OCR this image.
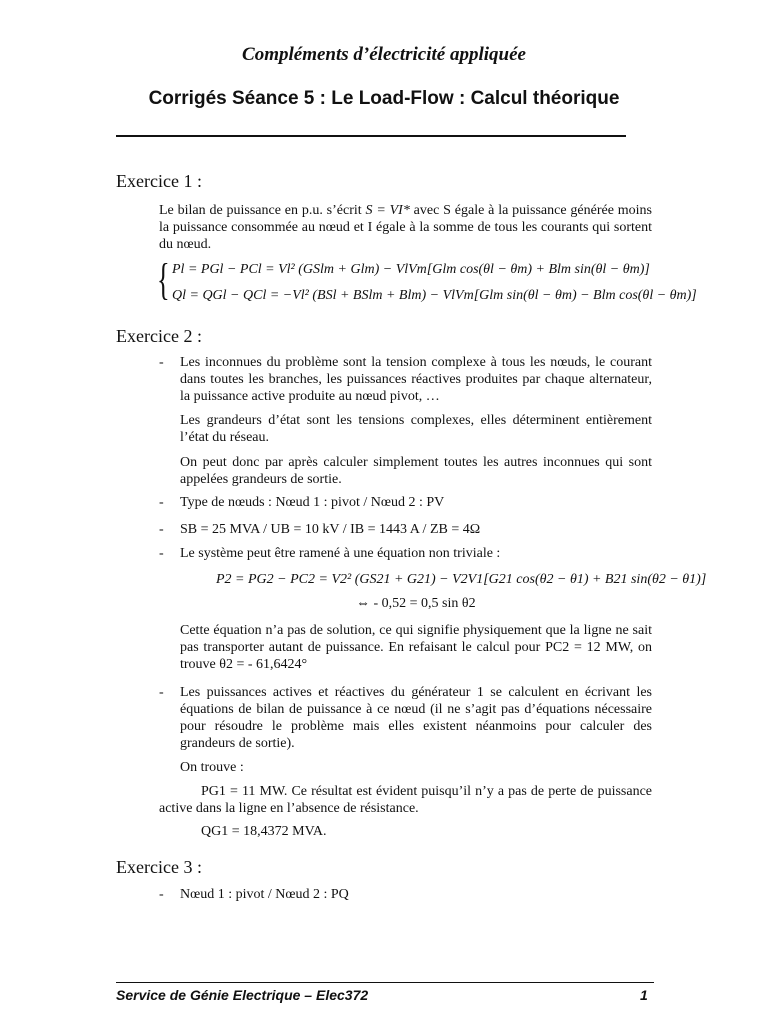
Compléments d’électricité appliquée
Corrigés Séance 5 : Le Load-Flow : Calcul théorique
Exercice 1 :
Le bilan de puissance en p.u. s’écrit S = VI* avec S égale à la puissance générée moins la puissance consommée au nœud et I égale à la somme de tous les courants qui sortent du nœud.
{ Pl = PGl − PCl = Vl² (GSlm + Glm) − VlVm[Glm cos(θl − θm) + Blm sin(θl − θm)]
Ql = QGl − QCl = −Vl² (BSl + BSlm + Blm) − VlVm[Glm sin(θl − θm) − Blm cos(θl − θm)]
Exercice 2 :
- Les inconnues du problème sont la tension complexe à tous les nœuds, le courant dans toutes les branches, les puissances réactives produites par chaque alternateur, la puissance active produite au nœud pivot, …
Les grandeurs d’état sont les tensions complexes, elles déterminent entièrement l’état du réseau.
On peut donc par après calculer simplement toutes les autres inconnues qui sont appelées grandeurs de sortie.
- Type de nœuds : Nœud 1 : pivot / Nœud 2 : PV
- SB = 25 MVA / UB = 10 kV / IB = 1443 A / ZB = 4Ω
- Le système peut être ramené à une équation non triviale :
P2 = PG2 − PC2 = V2² (GS21 + G21) − V2V1[G21 cos(θ2 − θ1) + B21 sin(θ2 − θ1)]
⇔ - 0,52 = 0,5 sin θ2
Cette équation n’a pas de solution, ce qui signifie physiquement que la ligne ne sait pas transporter autant de puissance. En refaisant le calcul pour PC2 = 12 MW, on trouve θ2 = - 61,6424°
- Les puissances actives et réactives du générateur 1 se calculent en écrivant les équations de bilan de puissance à ce nœud (il ne s’agit pas d’équations nécessaire pour résoudre le problème mais elles existent néanmoins pour calculer des grandeurs de sortie).
On trouve :
PG1 = 11 MW. Ce résultat est évident puisqu’il n’y a pas de perte de puissance active dans la ligne en l’absence de résistance.
QG1 = 18,4372 MVA.
Exercice 3 :
- Nœud 1 : pivot / Nœud 2 : PQ
Service de Génie Electrique – Elec372	1
